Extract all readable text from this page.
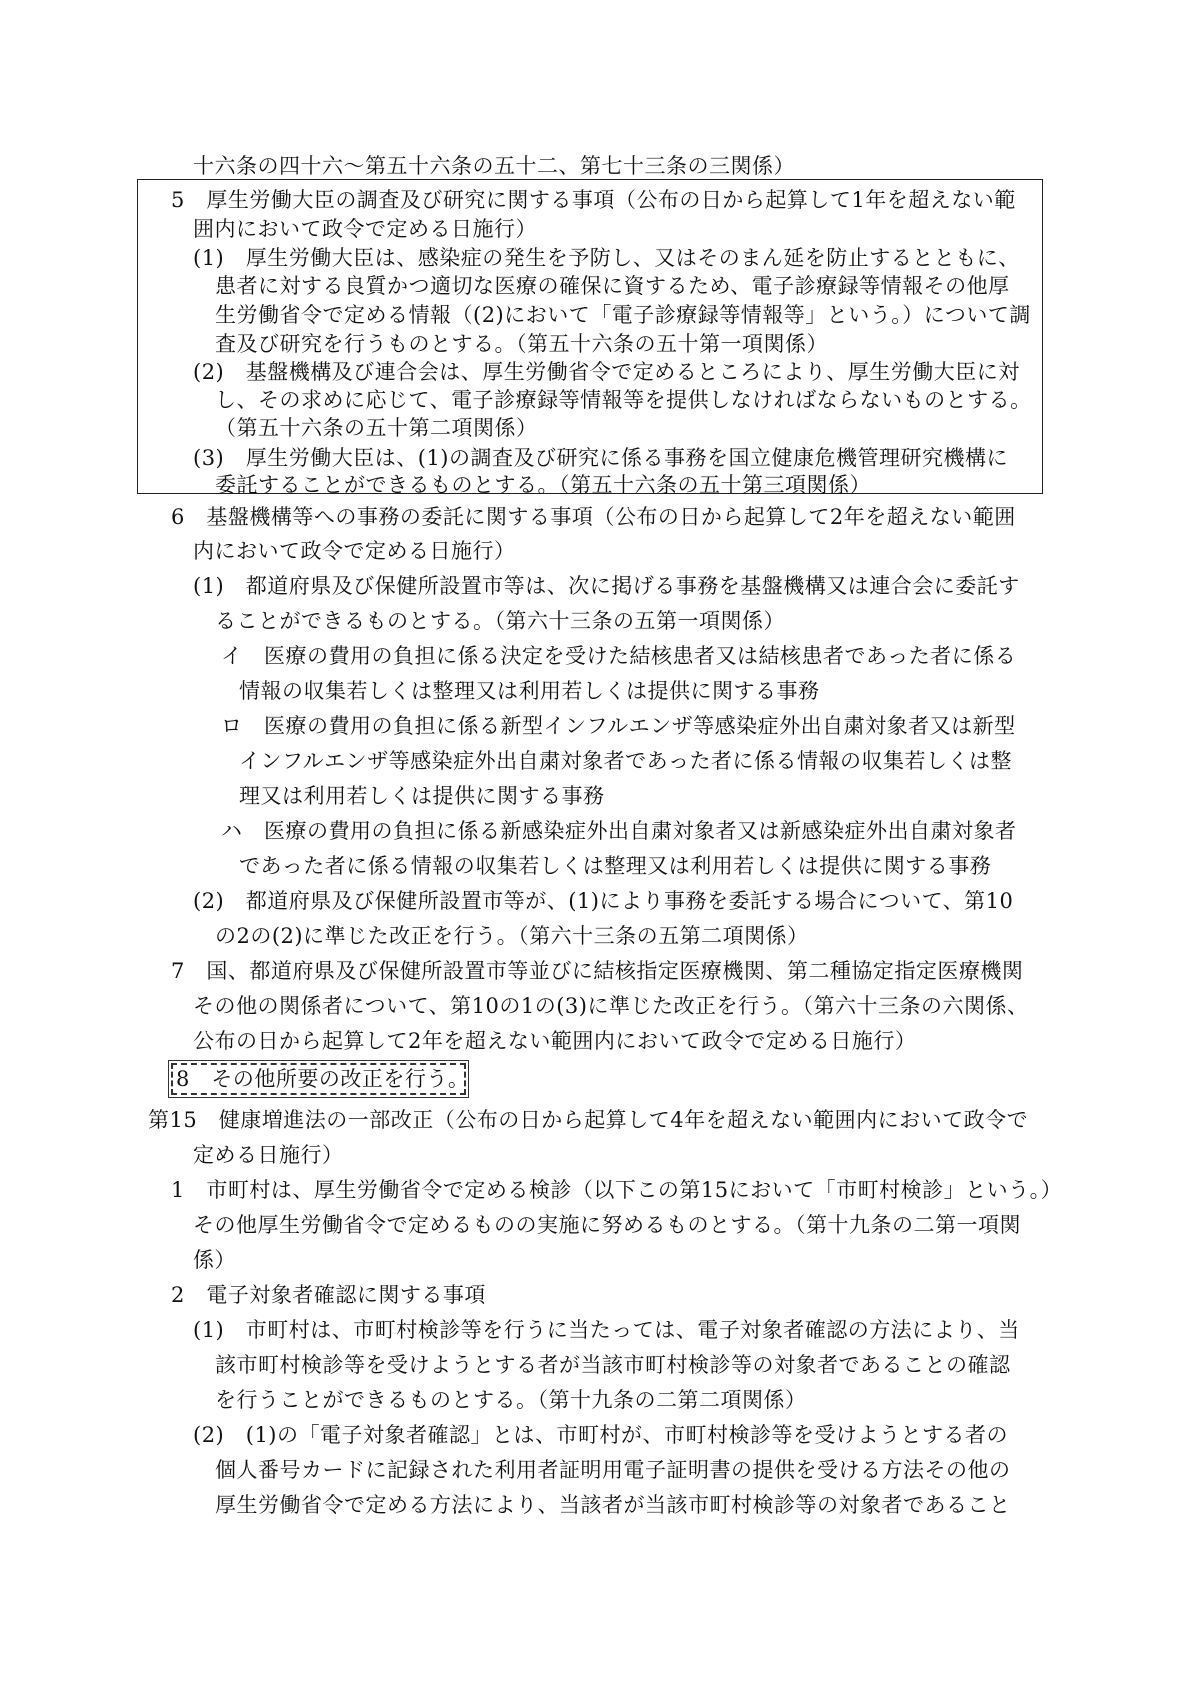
十六条の四十六～第五十六条の五十二、第七十三条の三関係）
5　厚生労働大臣の調査及び研究に関する事項（公布の日から起算して1年を超えない範
囲内において政令で定める日施行）
(1)　厚生労働大臣は、感染症の発生を予防し、又はそのまん延を防止するとともに、
患者に対する良質かつ適切な医療の確保に資するため、電子診療録等情報その他厚
生労働省令で定める情報（(2)において「電子診療録等情報等」という。）について調
査及び研究を行うものとする。（第五十六条の五十第一項関係）
(2)　基盤機構及び連合会は、厚生労働省令で定めるところにより、厚生労働大臣に対
し、その求めに応じて、電子診療録等情報等を提供しなければならないものとする。
（第五十六条の五十第二項関係）
(3)　厚生労働大臣は、(1)の調査及び研究に係る事務を国立健康危機管理研究機構に
委託することができるものとする。（第五十六条の五十第三項関係）
6　基盤機構等への事務の委託に関する事項（公布の日から起算して2年を超えない範囲
内において政令で定める日施行）
(1)　都道府県及び保健所設置市等は、次に掲げる事務を基盤機構又は連合会に委託す
ることができるものとする。（第六十三条の五第一項関係）
イ　医療の費用の負担に係る決定を受けた結核患者又は結核患者であった者に係る
情報の収集若しくは整理又は利用若しくは提供に関する事務
ロ　医療の費用の負担に係る新型インフルエンザ等感染症外出自粛対象者又は新型
インフルエンザ等感染症外出自粛対象者であった者に係る情報の収集若しくは整
理又は利用若しくは提供に関する事務
ハ　医療の費用の負担に係る新感染症外出自粛対象者又は新感染症外出自粛対象者
であった者に係る情報の収集若しくは整理又は利用若しくは提供に関する事務
(2)　都道府県及び保健所設置市等が、(1)により事務を委託する場合について、第10
の2の(2)に準じた改正を行う。（第六十三条の五第二項関係）
7　国、都道府県及び保健所設置市等並びに結核指定医療機関、第二種協定指定医療機関
その他の関係者について、第10の1の(3)に準じた改正を行う。（第六十三条の六関係、
公布の日から起算して2年を超えない範囲内において政令で定める日施行）
8　その他所要の改正を行う。
第15　健康増進法の一部改正（公布の日から起算して4年を超えない範囲内において政令で
定める日施行）
1　市町村は、厚生労働省令で定める検診（以下この第15において「市町村検診」という。）
その他厚生労働省令で定めるものの実施に努めるものとする。（第十九条の二第一項関
係）
2　電子対象者確認に関する事項
(1)　市町村は、市町村検診等を行うに当たっては、電子対象者確認の方法により、当
該市町村検診等を受けようとする者が当該市町村検診等の対象者であることの確認
を行うことができるものとする。（第十九条の二第二項関係）
(2)　(1)の「電子対象者確認」とは、市町村が、市町村検診等を受けようとする者の
個人番号カードに記録された利用者証明用電子証明書の提供を受ける方法その他の
厚生労働省令で定める方法により、当該者が当該市町村検診等の対象者であること
